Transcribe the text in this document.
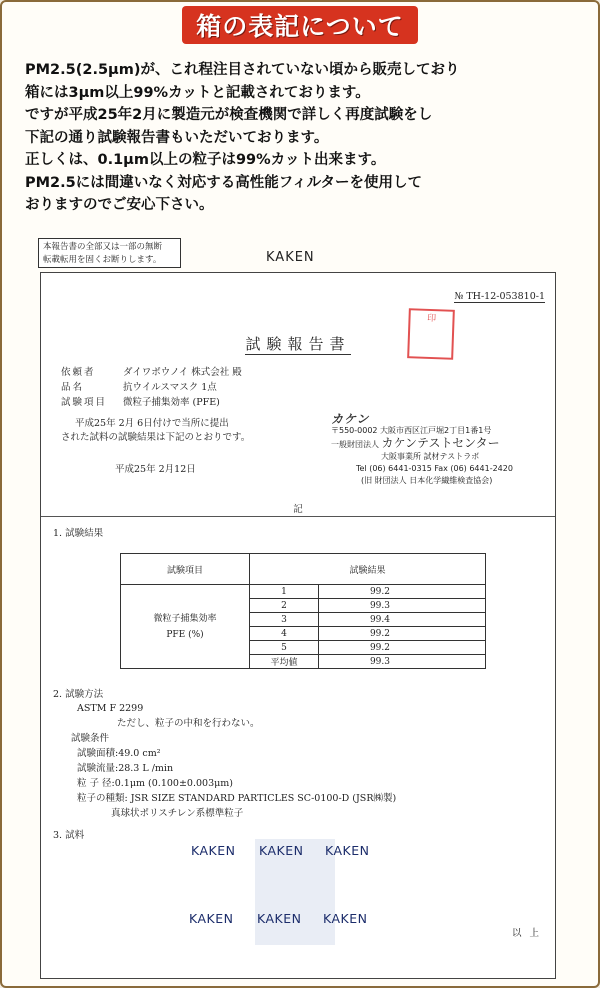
箱の表記について
PM2.5(2.5μm)が、これ程注目されていない頃から販売しており
箱には3μm以上99%カットと記載されております。
ですが平成25年2月に製造元が検査機関で詳しく再度試験をし
下記の通り試験報告書もいただいております。
正しくは、0.1μm以上の粒子は99%カット出来ます。
PM2.5には間違いなく対応する高性能フィルターを使用して
おりますのでご安心下さい。
本報告書の全部又は一部の無断
転載転用を固くお断りします。	KAKEN
№ TH-12-053810-1
試験報告書
依頼者	ダイワボウノイ 株式会社 殿
品名	抗ウイルスマスク 1点
試験項目	微粒子捕集効率 (PFE)
平成25年 2月 6日付けで当所に提出
された試料の試験結果は下記のとおりです。
平成25年 2月12日
印
カケン
〒550-0002 大阪市西区江戸堀2丁目1番1号
一般財団法人 カケンテストセンター
大阪事業所 試材テストラボ
Tel (06) 6441-0315 Fax (06) 6441-2420
(旧 財団法人 日本化学繊維検査協会)
記
1. 試験結果
試験項目	試験結果	

微粒子捕集効率
PFE (%)	1	99.2
	2	99.3
	3	99.4
	4	99.2
	5	99.2
	平均値	99.3
2. 試験方法
ASTM F 2299
ただし、粒子の中和を行わない。
試験条件
試験面積:49.0 cm²
試験流量:28.3 L /min
粒 子 径:0.1μm (0.100±0.003μm)
粒子の種類: JSR SIZE STANDARD PARTICLES SC-0100-D (JSR㈱製)
真球状ポリスチレン系標準粒子
3. 試料
KAKEN KAKEN KAKEN
KAKEN KAKEN KAKEN
以上
